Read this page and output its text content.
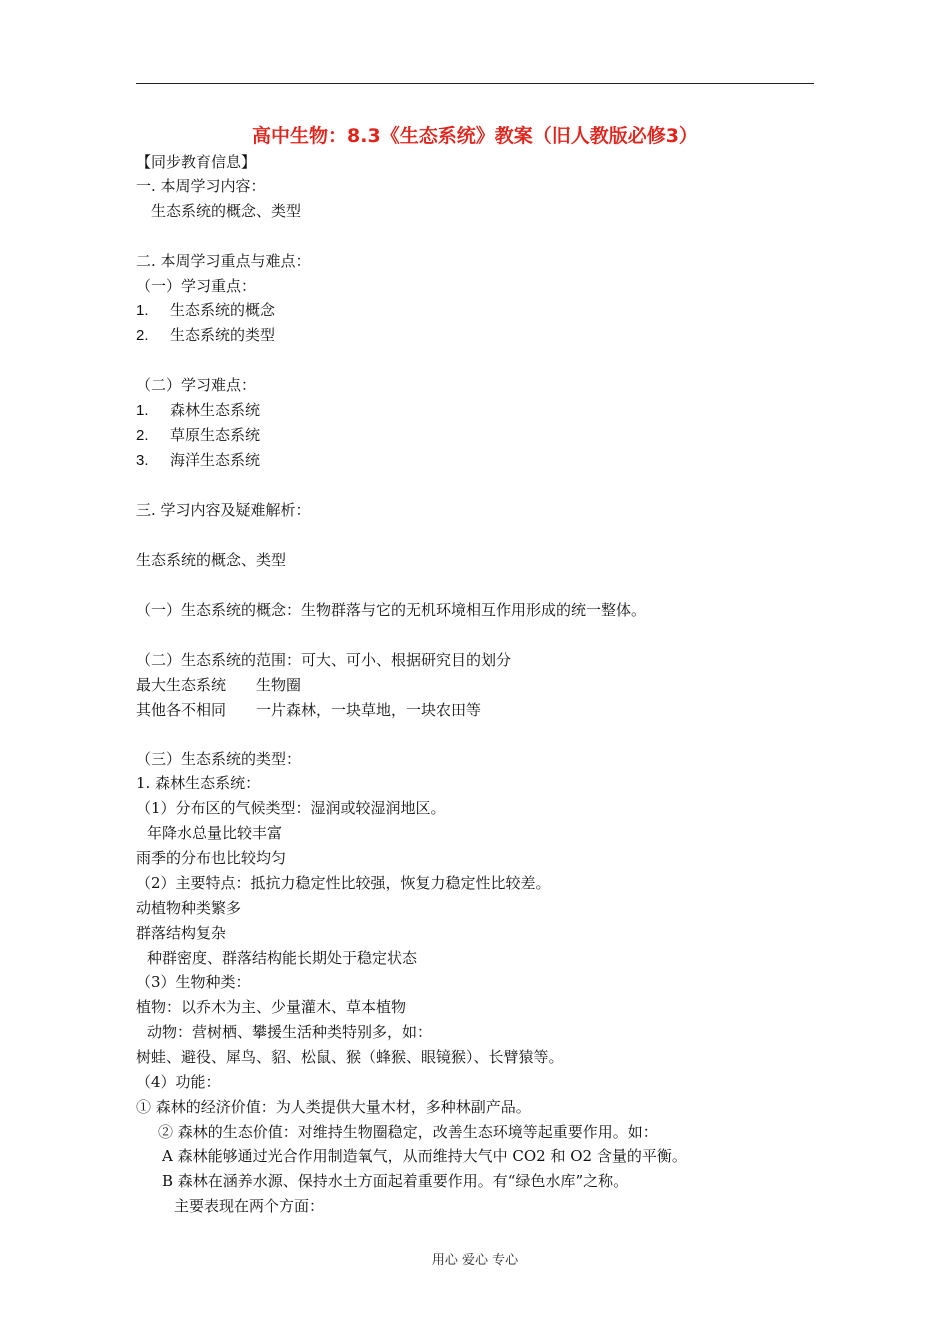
高中生物：8.3《生态系统》教案（旧人教版必修3）
【同步教育信息】
一. 本周学习内容：
生态系统的概念、类型
二. 本周学习重点与难点：
（一）学习重点：
1. 生态系统的概念
2. 生态系统的类型
（二）学习难点：
1. 森林生态系统
2. 草原生态系统
3. 海洋生态系统
三. 学习内容及疑难解析：
生态系统的概念、类型
（一）生态系统的概念：生物群落与它的无机环境相互作用形成的统一整体。
（二）生态系统的范围：可大、可小、根据研究目的划分
最大生态系统　　生物圈
其他各不相同　　一片森林，一块草地，一块农田等
（三）生态系统的类型：
1. 森林生态系统：
（1）分布区的气候类型：湿润或较湿润地区。
年降水总量比较丰富
雨季的分布也比较均匀
（2）主要特点：抵抗力稳定性比较强，恢复力稳定性比较差。
动植物种类繁多
群落结构复杂
种群密度、群落结构能长期处于稳定状态
（3）生物种类：
植物：以乔木为主、少量灌木、草本植物
动物：营树栖、攀援生活种类特别多，如：
树蛙、避役、犀鸟、貂、松鼠、猴（蜂猴、眼镜猴）、长臂猿等。
（4）功能：
① 森林的经济价值：为人类提供大量木材，多种林副产品。
② 森林的生态价值：对维持生物圈稳定，改善生态环境等起重要作用。如：
A 森林能够通过光合作用制造氧气，从而维持大气中 CO2 和 O2 含量的平衡。
B 森林在涵养水源、保持水土方面起着重要作用。有“绿色水库”之称。
主要表现在两个方面：
用心 爱心 专心
